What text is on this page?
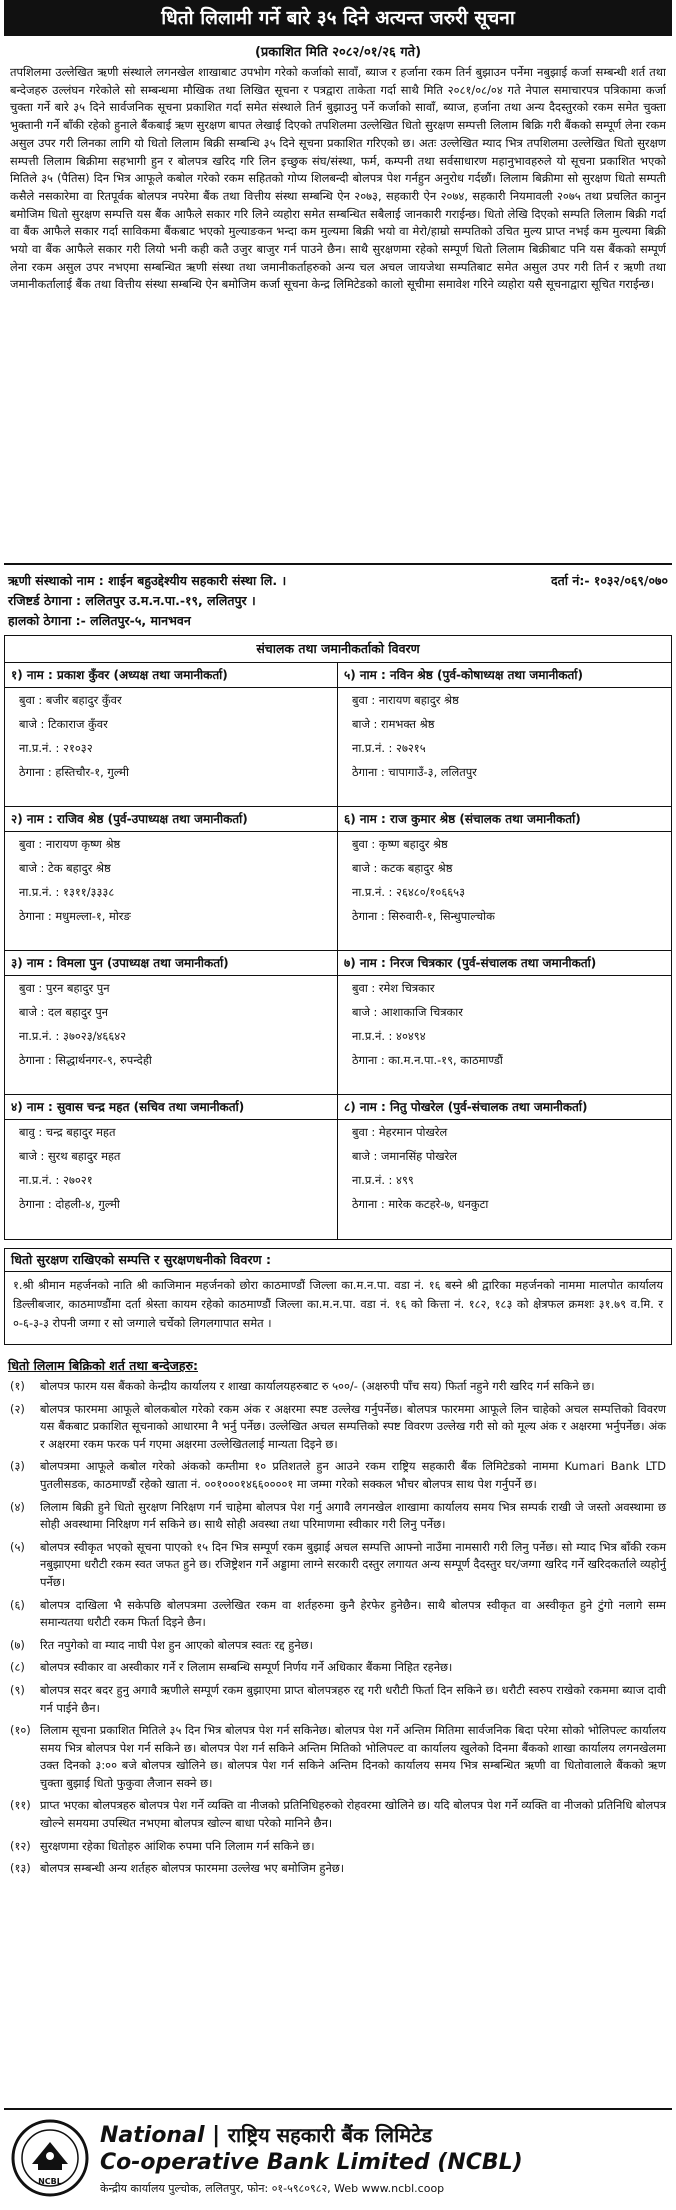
धितो लिलामी गर्ने बारे ३५ दिने अत्यन्त जरुरी सूचना
(प्रकाशित मिति २०८२/०१/२६ गते)
तपशिलमा उल्लेखित ऋणी संस्थाले लगनखेल शाखाबाट उपभोग गरेको कर्जाको सावाँ, ब्याज र हर्जाना रकम तिर्न बुझाउन पर्नेमा नबुझाई कर्जा सम्बन्धी शर्त तथा बन्देजहरु उल्लंघन गरेकोले सो सम्बन्धमा मौखिक तथा लिखित सूचना र पत्रद्वारा ताकेता गर्दा साथै मिति २०८१/०८/०४ गते नेपाल समाचारपत्र पत्रिकामा कर्जा चुक्ता गर्ने बारे ३५ दिने सार्वजनिक सूचना प्रकाशित गर्दा समेत संस्थाले तिर्न बुझाउनु पर्ने कर्जाको सावाँ, ब्याज, हर्जाना तथा अन्य दैदस्तुरको रकम समेत चुक्ता भुक्तानी गर्ने बाँकी रहेको हुनाले बैंकबाई ऋण सुरक्षण बापत लेखाई दिएको तपशिलमा उल्लेखित धितो सुरक्षण सम्पत्ती लिलाम बिक्रि गरी बैंकको सम्पूर्ण लेना रकम असुल उपर गरी लिनका लागि यो धितो लिलाम बिक्री सम्बन्धि ३५ दिने सूचना प्रकाशित गरिएको छ। अतः उल्लेखित म्याद भित्र तपशिलमा उल्लेखित धितो सुरक्षण सम्पत्ती लिलाम बिक्रीमा सहभागी हुन र बोलपत्र खरिद गरि लिन इच्छुक संघ/संस्था, फर्म, कम्पनी तथा सर्वसाधारण महानुभावहरुले यो सूचना प्रकाशित भएको मितिले ३५ (पैतिस) दिन भित्र आफूले कबोल गरेको रकम सहितको गोप्य शिलबन्दी बोलपत्र पेश गर्नहुन अनुरोध गर्दछौं। लिलाम बिक्रीमा सो सुरक्षण धितो सम्पती कसैले नसकारेमा वा रितपूर्वक बोलपत्र नपरेमा बैंक तथा वित्तीय संस्था सम्बन्धि ऐन २०७३, सहकारी ऐन २०७४, सहकारी नियमावली २०७५ तथा प्रचलित कानुन बमोजिम धितो सुरक्षण सम्पत्ति यस बैंक आफैले सकार गरि लिने व्यहोरा समेत सम्बन्धित सबैलाई जानकारी गराईन्छ। धितो लेखि दिएको सम्पति लिलाम बिक्री गर्दा वा बैंक आफैले सकार गर्दा साविकमा बैंकबाट भएको मुल्याङकन भन्दा कम मुल्यमा बिक्री भयो वा मेरो/हाम्रो सम्पतिको उचित मुल्य प्राप्त नभई कम मुल्यमा बिक्री भयो वा बैंक आफैले सकार गरी लियो भनी कही कतै उजुर बाजुर गर्न पाउने छैन। साथै सुरक्षणमा रहेको सम्पूर्ण धितो लिलाम बिक्रीबाट पनि यस बैंकको सम्पूर्ण लेना रकम असुल उपर नभएमा सम्बन्धित ऋणी संस्था तथा जमानीकर्ताहरुको अन्य चल अचल जायजेथा सम्पतिबाट समेत असुल उपर गरी तिर्न र ऋणी तथा जमानीकर्तालाई बैंक तथा वित्तीय संस्था सम्बन्धि ऐन बमोजिम कर्जा सूचना केन्द्र लिमिटेडको कालो सूचीमा समावेश गरिने व्यहोरा यसै सूचनाद्वारा सूचित गराईन्छ।
ऋणी संस्थाको नाम : शाईन बहुउद्देश्यीय सहकारी संस्था लि. ।	दर्ता नं:- १०३२/०६९/०७०
रजिष्टर्ड ठेगाना : ललितपुर उ.म.न.पा.-१९, ललितपुर ।
हालको ठेगाना :- ललितपुर-५, मानभवन
संचालक तथा जमानीकर्ताको विवरण
१) नाम : प्रकाश कुँवर (अध्यक्ष तथा जमानीकर्ता)
बुवा : बजीर बहादुर कुँवर
बाजे : टिकाराज कुँवर
ना.प्र.नं. : २१०३२
ठेगाना : हस्तिचौर-१, गुल्मी
५) नाम : नविन श्रेष्ठ (पुर्व-कोषाध्यक्ष तथा जमानीकर्ता)
बुवा : नारायण बहादुर श्रेष्ठ
बाजे : रामभक्त श्रेष्ठ
ना.प्र.नं. : २७२१५
ठेगाना : चापागाउँ-३, ललितपुर
२) नाम : राजिव श्रेष्ठ (पुर्व-उपाध्यक्ष तथा जमानीकर्ता)
बुवा : नारायण कृष्ण श्रेष्ठ
बाजे : टेक बहादुर श्रेष्ठ
ना.प्र.नं. : १३११/३३३८
ठेगाना : मधुमल्ला-१, मोरङ
६) नाम : राज कुमार श्रेष्ठ (संचालक तथा जमानीकर्ता)
बुवा : कृष्ण बहादुर श्रेष्ठ
बाजे : कटक बहादुर श्रेष्ठ
ना.प्र.नं. : २६४८०/१०६६५३
ठेगाना : सिरुवारी-१, सिन्धुपाल्चोक
३) नाम : विमला पुन (उपाध्यक्ष तथा जमानीकर्ता)
बुवा : पुरन बहादुर पुन
बाजे : दल बहादुर पुन
ना.प्र.नं. : ३७०२३/४६६४२
ठेगाना : सिद्धार्थनगर-९, रुपन्देही
७) नाम : निरज चित्रकार (पुर्व-संचालक तथा जमानीकर्ता)
बुवा : रमेश चित्रकार
बाजे : आशाकाजि चित्रकार
ना.प्र.नं. : ४०४९४
ठेगाना : का.म.न.पा.-१९, काठमाण्डौं
४) नाम : सुवास चन्द्र महत (सचिव तथा जमानीकर्ता)
बावु : चन्द्र बहादुर महत
बाजे : सुरथ बहादुर महत
ना.प्र.नं. : २७०२१
ठेगाना : दोहली-४, गुल्मी
८) नाम : नितु पोखरेल (पुर्व-संचालक तथा जमानीकर्ता)
बुवा : मेहरमान पोखरेल
बाजे : जमानसिंह पोखरेल
ना.प्र.नं. : ४९९
ठेगाना : मारेक कटहरे-७, धनकुटा
धितो सुरक्षण राखिएको सम्पत्ति र सुरक्षणधनीको विवरण :
१.श्री श्रीमान महर्जनको नाति श्री काजिमान महर्जनको छोरा काठमाण्डौं जिल्ला का.म.न.पा. वडा नं. १६ बस्ने श्री द्वारिका महर्जनको नाममा मालपोत कार्यालय डिल्लीबजार, काठमाण्डौंमा दर्ता श्रेस्ता कायम रहेको काठमाण्डौं जिल्ला का.म.न.पा. वडा नं. १६ को कित्ता नं. १८२, १८३ को क्षेत्रफल क्रमशः ३१.७९ व.मि. र ०-६-३-३ रोपनी जग्गा र सो जग्गाले चर्चेको लिगलगापात समेत ।
धितो लिलाम बिक्रिको शर्त तथा बन्देजहरु:
(१)	बोलपत्र फारम यस बैंकको केन्द्रीय कार्यालय र शाखा कार्यालयहरुबाट रु ५००/- (अक्षरुपी पाँच सय) फिर्ता नहुने गरी खरिद गर्न सकिने छ।
(२)	बोलपत्र फारममा आफूले बोलकबोल गरेको रकम अंक र अक्षरमा स्पष्ट उल्लेख गर्नुपर्नेछ। बोलपत्र फारममा आफूले लिन चाहेको अचल सम्पत्तिको विवरण यस बैंकबाट प्रकाशित सूचनाको आधारमा नै भर्नु पर्नेछ। उल्लेखित अचल सम्पत्तिको स्पष्ट विवरण उल्लेख गरी सो को मूल्य अंक र अक्षरमा भर्नुपर्नेछ। अंक र अक्षरमा रकम फरक पर्न गएमा अक्षरमा उल्लेखितलाई मान्यता दिइने छ।
(३)	बोलपत्रमा आफूले कबोल गरेको अंकको कम्तीमा १० प्रतिशतले हुन आउने रकम राष्ट्रिय सहकारी बैंक लिमिटेडको नाममा Kumari Bank LTD पुतलीसडक, काठमाण्डौं रहेको खाता नं. ००१०००१४६६००००१ मा जम्मा गरेको सक्कल भौचर बोलपत्र साथ पेश गर्नुपर्ने छ।
(४)	लिलाम बिक्री हुने धितो सुरक्षण निरिक्षण गर्न चाहेमा बोलपत्र पेश गर्नु अगावै लगनखेल शाखामा कार्यालय समय भित्र सम्पर्क राखी जे जस्तो अवस्थामा छ सोही अवस्थामा निरिक्षण गर्न सकिने छ। साथै सोही अवस्था तथा परिमाणमा स्वीकार गरी लिनु पर्नेछ।
(५)	बोलपत्र स्वीकृत भएको सूचना पाएको १५ दिन भित्र सम्पूर्ण रकम बुझाई अचल सम्पत्ति आफ्नो नाउँमा नामसारी गरी लिनु पर्नेछ। सो म्याद भित्र बाँकी रकम नबुझाएमा धरौटी रकम स्वत जफत हुने छ। रजिष्ट्रेशन गर्ने अड्डामा लाग्ने सरकारी दस्तुर लगायत अन्य सम्पूर्ण दैदस्तुर घर/जग्गा खरिद गर्ने खरिदकर्ताले व्यहोर्नु पर्नेछ।
(६)	बोलपत्र दाखिला भै सकेपछि बोलपत्रमा उल्लेखित रकम वा शर्तहरुमा कुनै हेरफेर हुनेछैन। साथै बोलपत्र स्वीकृत वा अस्वीकृत हुने टुंगो नलागे सम्म समान्यतया धरौटी रकम फिर्ता दिइने छैन।
(७)	रित नपुगेको वा म्याद नाघी पेश हुन आएको बोलपत्र स्वतः रद्द हुनेछ।
(८)	बोलपत्र स्वीकार वा अस्वीकार गर्ने र लिलाम सम्बन्धि सम्पूर्ण निर्णय गर्ने अधिकार बैंकमा निहित रहनेछ।
(९)	बोलपत्र सदर बदर हुनु अगावै ऋणीले सम्पूर्ण रकम बुझाएमा प्राप्त बोलपत्रहरु रद्द गरी धरौटी फिर्ता दिन सकिने छ। धरौटी स्वरुप राखेको रकममा ब्याज दावी गर्न पाईने छैन।
(१०) लिलाम सूचना प्रकाशित मितिले ३५ दिन भित्र बोलपत्र पेश गर्न सकिनेछ। बोलपत्र पेश गर्ने अन्तिम मितिमा सार्वजनिक बिदा परेमा सोको भोलिपल्ट कार्यालय समय भित्र बोलपत्र पेश गर्न सकिने छ। बोलपत्र पेश गर्न सकिने अन्तिम मितिको भोलिपल्ट वा कार्यालय खुलेको दिनमा बैंकको शाखा कार्यालय लगनखेलमा उक्त दिनको ३:०० बजे बोलपत्र खोलिने छ। बोलपत्र पेश गर्न सकिने अन्तिम दिनको कार्यालय समय भित्र सम्बन्धित ऋणी वा धितोवालाले बैंकको ऋण चुक्ता बुझाई धितो फुकुवा लैजान सक्ने छ।
(११) प्राप्त भएका बोलपत्रहरु बोलपत्र पेश गर्ने व्यक्ति वा नीजको प्रतिनिधिहरुको रोहवरमा खोलिने छ। यदि बोलपत्र पेश गर्ने व्यक्ति वा नीजको प्रतिनिधि बोलपत्र खोल्ने समयमा उपस्थित नभएमा बोलपत्र खोल्न बाधा परेको मानिने छैन।
(१२) सुरक्षणमा रहेका धितोहरु आंशिक रुपमा पनि लिलाम गर्न सकिने छ।
(१३) बोलपत्र सम्बन्धी अन्य शर्तहरु बोलपत्र फारममा उल्लेख भए बमोजिम हुनेछ।
NCBL
National | राष्ट्रिय सहकारी बैंक लिमिटेड
Co-operative Bank Limited (NCBL)
केन्द्रीय कार्यालय पुल्चोक, ललितपुर, फोन: ०१-५९८०९८२, Web www.ncbl.coop
